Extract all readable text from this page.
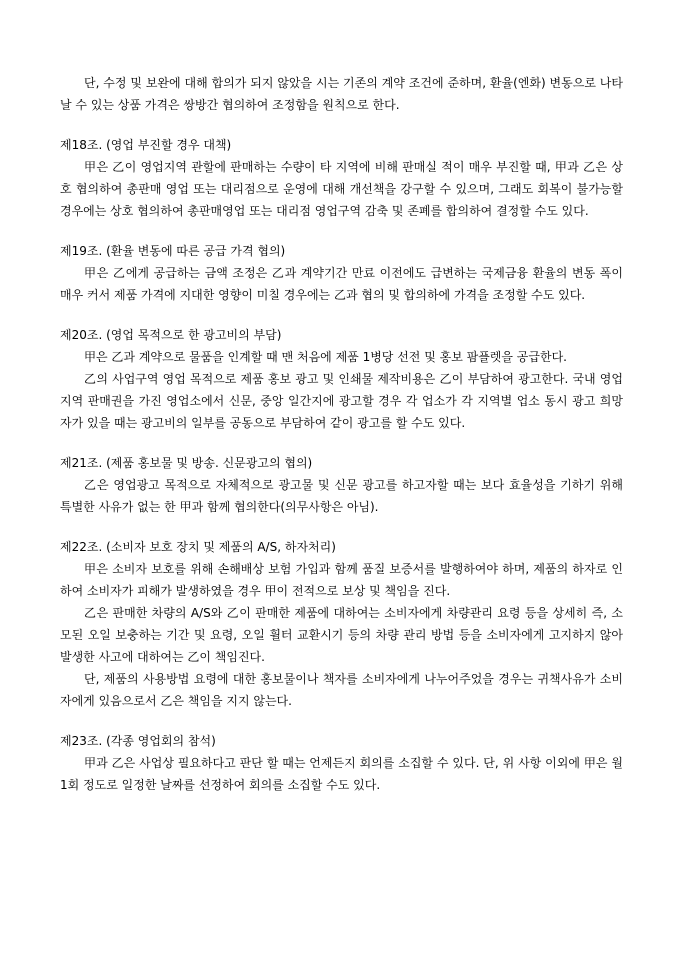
단, 수정 및 보완에 대해 합의가 되지 않았을 시는 기존의 계약 조건에 준하며, 환율(엔화) 변동으로 나타날 수 있는 상품 가격은 쌍방간 협의하여 조정함을 원칙으로 한다.

제18조. (영업 부진할 경우 대책)

甲은 乙이 영업지역 관할에 판매하는 수량이 타 지역에 비해 판매실 적이 매우 부진할 때, 甲과 乙은 상호 협의하여 총판매 영업 또는 대리점으로 운영에 대해 개선책을 강구할 수 있으며, 그래도 회복이 불가능할 경우에는 상호 협의하여 총판매영업 또는 대리점 영업구역 감축 및 존폐를 합의하여 결정할 수도 있다.

제19조. (환율 변동에 따른 공급 가격 협의)

甲은 乙에게 공급하는 금액 조정은 乙과 계약기간 만료 이전에도 급변하는 국제금융 환율의 변동 폭이 매우 커서 제품 가격에 지대한 영향이 미칠 경우에는 乙과 협의 및 합의하에 가격을 조정할 수도 있다.

제20조. (영업 목적으로 한 광고비의 부담)

甲은 乙과 계약으로 물품을 인계할 때 맨 처음에 제품 1병당 선전 및 홍보 팜플렛을 공급한다.

乙의 사업구역 영업 목적으로 제품 홍보 광고 및 인쇄물 제작비용은 乙이 부담하여 광고한다. 국내 영업지역 판매권을 가진 영업소에서 신문, 중앙 일간지에 광고할 경우 각 업소가 각 지역별 업소 동시 광고 희망자가 있을 때는 광고비의 일부를 공동으로 부담하여 같이 광고를 할 수도 있다.

제21조. (제품 홍보물 및 방송. 신문광고의 협의)

乙은 영업광고 목적으로 자체적으로 광고물 및 신문 광고를 하고자할 때는 보다 효율성을 기하기 위해 특별한 사유가 없는 한 甲과 함께 협의한다(의무사항은 아님).

제22조. (소비자 보호 장치 및 제품의 A/S, 하자처리)

甲은 소비자 보호를 위해 손해배상 보험 가입과 함께 품질 보증서를 발행하여야 하며, 제품의 하자로 인하여 소비자가 피해가 발생하였을 경우 甲이 전적으로 보상 및 책임을 진다.

乙은 판매한 차량의 A/S와 乙이 판매한 제품에 대하여는 소비자에게 차량관리 요령 등을 상세히 즉, 소모된 오일 보충하는 기간 및 요령, 오일 휠터 교환시기 등의 차량 관리 방법 등을 소비자에게 고지하지 않아 발생한 사고에 대하여는 乙이 책임진다.

단, 제품의 사용방법 요령에 대한 홍보물이나 책자를 소비자에게 나누어주었을 경우는 귀책사유가 소비자에게 있음으로서 乙은 책임을 지지 않는다.

제23조. (각종 영업회의 참석)

甲과 乙은 사업상 필요하다고 판단 할 때는 언제든지 회의를 소집할 수 있다. 단, 위 사항 이외에 甲은 월 1회 정도로 일정한 날짜를 선정하여 회의를 소집할 수도 있다.
